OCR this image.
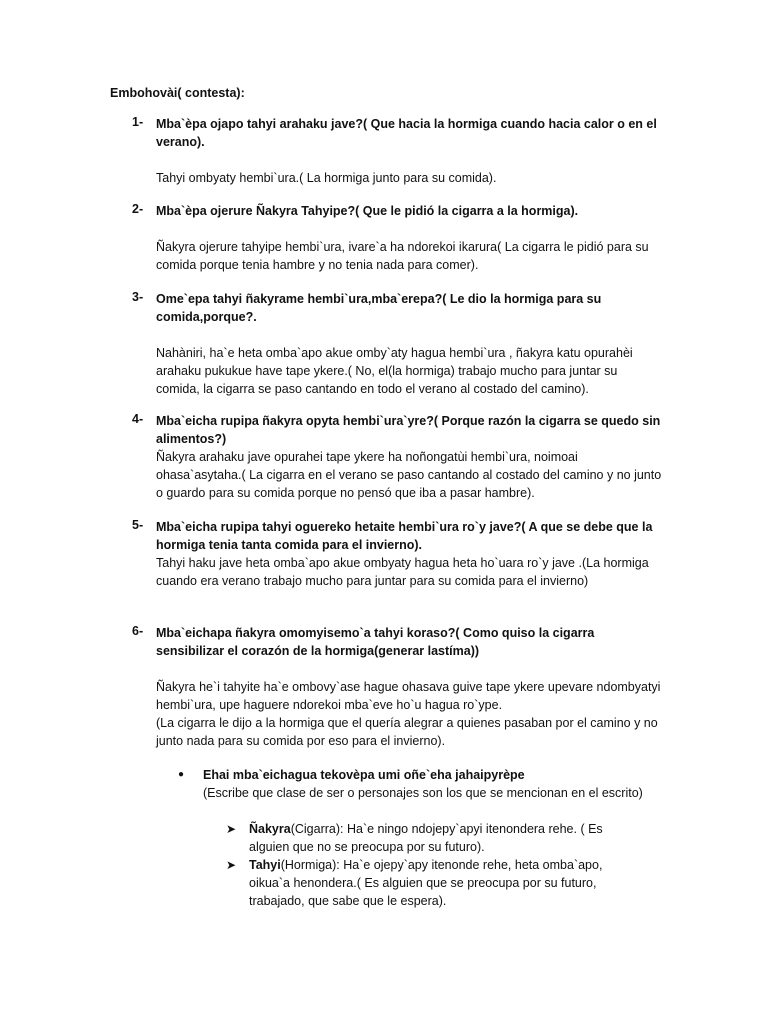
Embohovài( contesta):
1- Mba`èpa ojapo tahyi arahaku jave?( Que hacia la hormiga cuando hacia calor o en el verano).
Tahyi ombyaty hembi`ura.( La hormiga junto para su comida).
2- Mba`èpa ojerure Ñakyra Tahyipe?( Que le pidió la cigarra a la hormiga).
Ñakyra ojerure tahyipe hembi`ura, ivare`a ha ndorekoi ikarura( La cigarra le pidió para su comida porque tenia hambre y no tenia nada para comer).
3- Ome`epa tahyi ñakyrame hembi`ura,mba`erepa?( Le dio la hormiga para su comida,porque?.
Nahàniri, ha`e heta omba`apo akue omby`aty hagua hembi`ura , ñakyra katu opurahèi arahaku pukukue have tape ykere.( No, el(la hormiga) trabajo mucho para juntar su comida, la cigarra se paso cantando en todo el verano al costado del camino).
4- Mba`eicha rupipa ñakyra opyta hembi`ura`yre?( Porque razón la cigarra se quedo sin alimentos?)
Ñakyra arahaku jave opurahei tape ykere ha noñongatùi hembi`ura, noimoai ohasa`asytaha.( La cigarra en el verano se paso cantando al costado del camino y no junto o guardo para su comida porque no pensó que iba a pasar hambre).
5- Mba`eicha rupipa tahyi oguereko hetaite hembi`ura ro`y jave?( A que se debe que la hormiga tenia tanta comida para el invierno).
Tahyi haku jave heta omba`apo akue ombyaty hagua heta ho`uara ro`y jave .(La hormiga cuando era verano trabajo mucho para juntar para su comida para el invierno)
6- Mba`eichapa ñakyra omomyisemo`a tahyi koraso?( Como quiso la cigarra sensibilizar el corazón de la hormiga(generar lastíma))
Ñakyra he`i tahyite ha`e ombovy`ase hague ohasava guive tape ykere upevare ndombyatyi hembi`ura, upe haguere ndorekoi mba`eve ho`u hagua ro`ype.
(La cigarra le dijo a la hormiga que el quería alegrar a quienes pasaban por el camino y no junto nada para su comida por eso para el invierno).
● Ehai mba`eichagua tekovèpa umi oñe`eha jahaipyrèpe
(Escribe que clase de ser o personajes son los que se mencionan en el escrito)
➤ Ñakyra(Cigarra): Ha`e ningo ndojepy`apyi itenondera rehe. ( Es alguien que no se preocupa por su futuro).
➤ Tahyi(Hormiga): Ha`e ojepy`apy itenonde rehe, heta omba`apo, oikua`a henondera.( Es alguien que se preocupa por su futuro, trabajado, que sabe que le espera).
